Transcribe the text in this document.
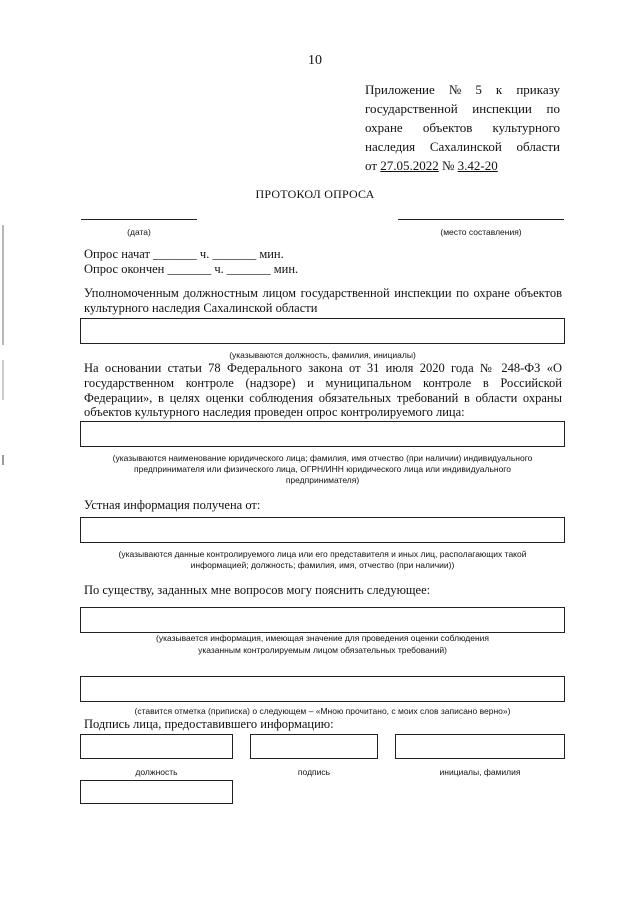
10
Приложение № 5 к приказу
государственной инспекции по
охране объектов культурного
наследия Сахалинской области
от 27.05.2022 № 3.42-20
ПРОТОКОЛ ОПРОСА
(дата)	(место составления)
Опрос начат _______ ч. _______ мин.
Опрос окончен _______ ч. _______ мин.
Уполномоченным должностным лицом государственной инспекции по охране объектов
культурного наследия Сахалинской области
(указываются должность, фамилия, инициалы)
На основании статьи 78 Федерального закона от 31 июля 2020 года № 248-ФЗ «О
государственном контроле (надзоре) и муниципальном контроле в Российской
Федерации», в целях оценки соблюдения обязательных требований в области охраны
объектов культурного наследия проведен опрос контролируемого лица:
(указываются наименование юридического лица; фамилия, имя отчество (при наличии) индивидуального
предпринимателя или физического лица, ОГРН/ИНН юридического лица или индивидуального
предпринимателя)
Устная информация получена от:
(указываются данные контролируемого лица или его представителя и иных лиц, располагающих такой
информацией; должность; фамилия, имя, отчество (при наличии))
По существу, заданных мне вопросов могу пояснить следующее:
(указывается информация, имеющая значение для проведения оценки соблюдения
указанным контролируемым лицом обязательных требований)
(ставится отметка (приписка) о следующем – «Мною прочитано, с моих слов записано верно»)
Подпись лица, предоставившего информацию:
должность	подпись	инициалы, фамилия
